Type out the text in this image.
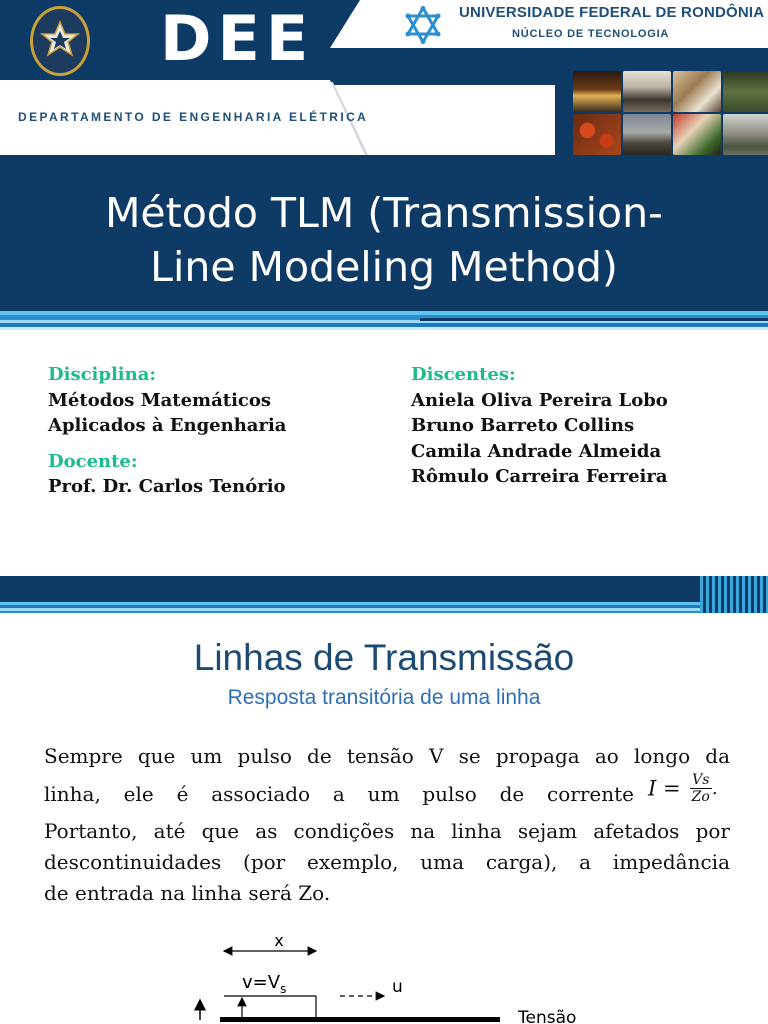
DEE
DEPARTAMENTO DE ENGENHARIA ELÉTRICA
UNIVERSIDADE FEDERAL DE RONDÔNIA
NÚCLEO DE TECNOLOGIA
Método TLM (Transmission-
Line Modeling Method)
Disciplina:
Métodos Matemáticos
Aplicados à Engenharia
Docente:
Prof. Dr. Carlos Tenório
Discentes:
Aniela Oliva Pereira Lobo
Bruno Barreto Collins
Camila Andrade Almeida
Rômulo Carreira Ferreira
Linhas de Transmissão
Resposta transitória de uma linha
Sempre que um pulso de tensão V se propaga ao longo da
linha, ele é associado a um pulso de corrente $I = \frac{Vs}{Zo}$ .
Portanto, até que as condições na linha sejam afetados por
descontinuidades (por exemplo, uma carga), a impedância
de entrada na linha será Zo.
x
$v=V_s$	u
Tensão
